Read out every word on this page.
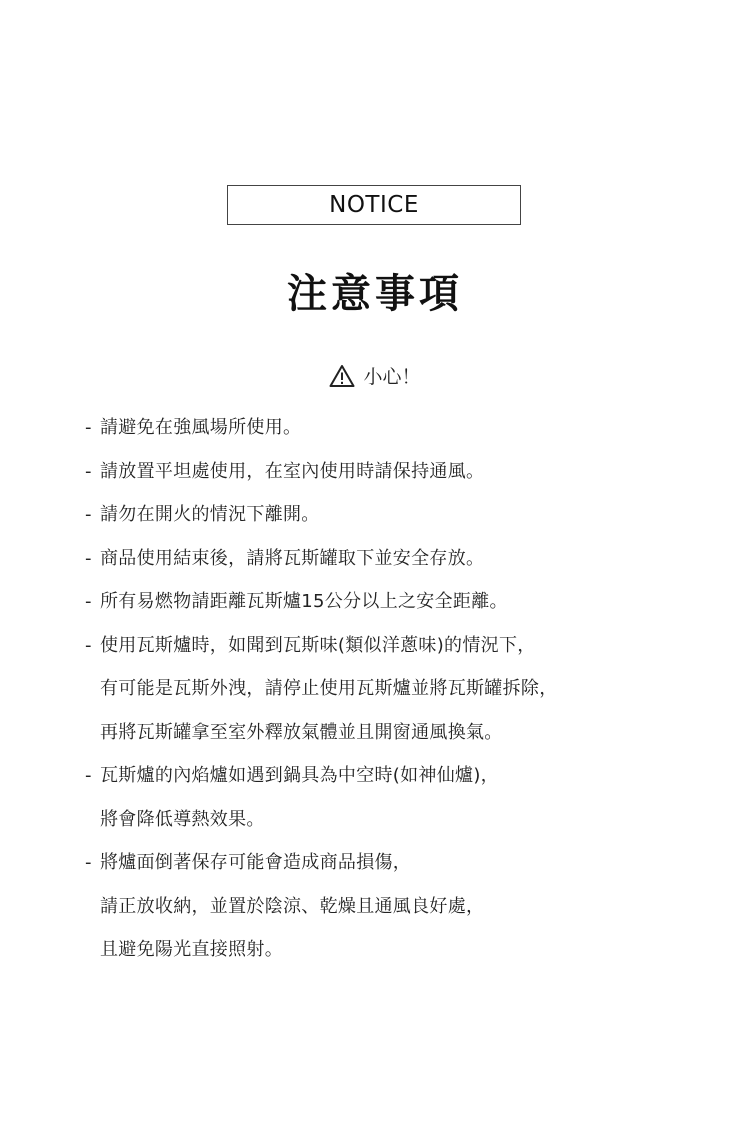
NOTICE
注意事項
小心！
- 請避免在強風場所使用。
- 請放置平坦處使用，在室內使用時請保持通風。
- 請勿在開火的情況下離開。
- 商品使用結束後，請將瓦斯罐取下並安全存放。
- 所有易燃物請距離瓦斯爐15公分以上之安全距離。
- 使用瓦斯爐時，如聞到瓦斯味(類似洋蔥味)的情況下，
有可能是瓦斯外洩，請停止使用瓦斯爐並將瓦斯罐拆除，
再將瓦斯罐拿至室外釋放氣體並且開窗通風換氣。
- 瓦斯爐的內焰爐如遇到鍋具為中空時(如神仙爐)，
將會降低導熱效果。
- 將爐面倒著保存可能會造成商品損傷，
請正放收納，並置於陰涼、乾燥且通風良好處，
且避免陽光直接照射。
